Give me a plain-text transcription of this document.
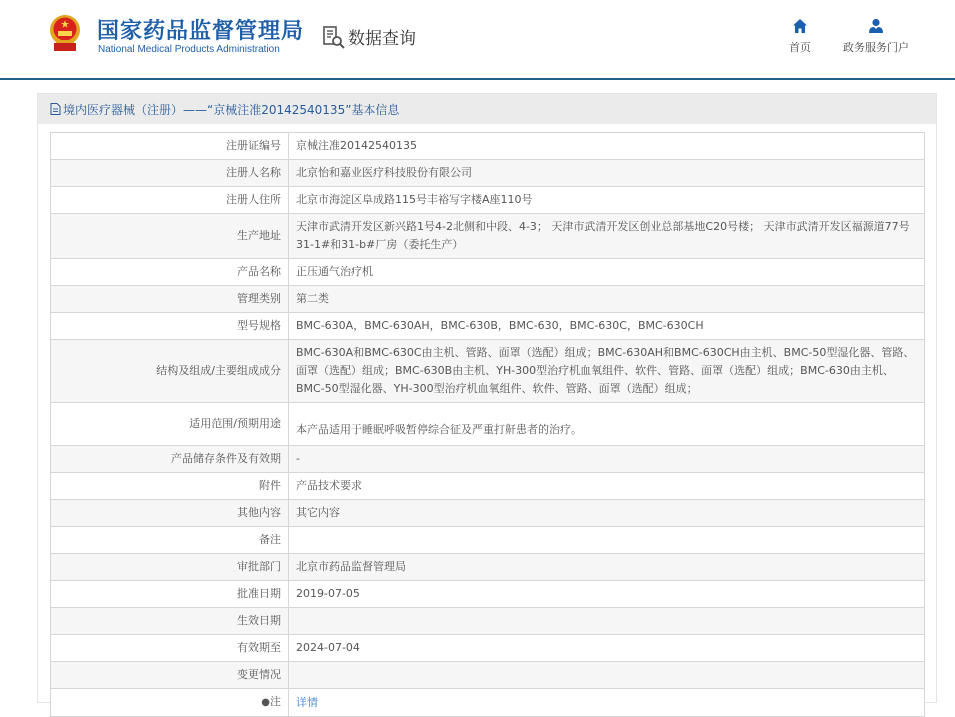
国家药品监督管理局
National Medical Products Administration
数据查询	首页	政务服务门户
境内医疗器械（注册）——“京械注准20142540135”基本信息
注册证编号	京械注准20142540135
注册人名称	北京怡和嘉业医疗科技股份有限公司
注册人住所	北京市海淀区阜成路115号丰裕写字楼A座110号
生产地址	天津市武清开发区新兴路1号4-2北侧和中段、4-3； 天津市武清开发区创业总部基地C20号楼； 天津市武清开发区福源道77号31-1#和31-b#厂房（委托生产）
产品名称	正压通气治疗机
管理类别	第二类
型号规格	BMC-630A，BMC-630AH，BMC-630B，BMC-630，BMC-630C，BMC-630CH
结构及组成/主要组成成分	BMC-630A和BMC-630C由主机、管路、面罩（选配）组成；BMC-630AH和BMC-630CH由主机、BMC-50型湿化器、管路、面罩（选配）组成；BMC-630B由主机、YH-300型治疗机血氧组件、软件、管路、面罩（选配）组成；BMC-630由主机、BMC-50型湿化器、YH-300型治疗机血氧组件、软件、管路、面罩（选配）组成；
适用范围/预期用途	本产品适用于睡眠呼吸暂停综合征及严重打鼾患者的治疗。
产品储存条件及有效期	-
附件	产品技术要求
其他内容	其它内容
备注	
审批部门	北京市药品监督管理局
批准日期	2019-07-05
生效日期	
有效期至	2024-07-04
变更情况	
●注	详情
